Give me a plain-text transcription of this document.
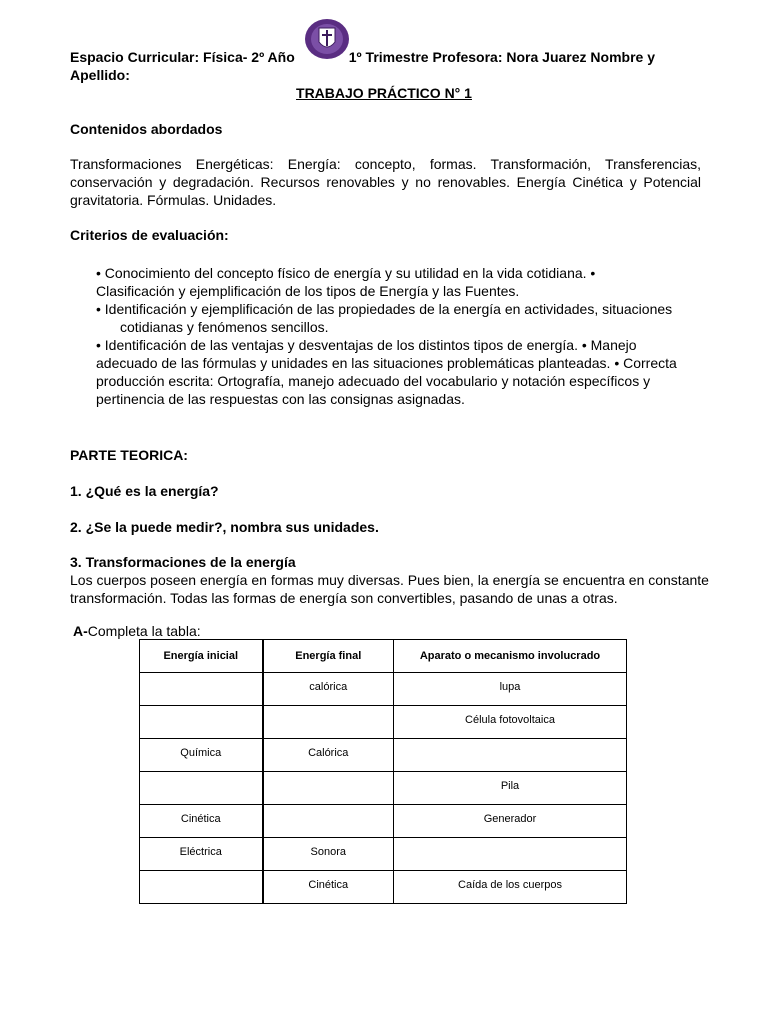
Espacio Curricular: Física- 2º Año	1º Trimestre Profesora: Nora Juarez Nombre y
Apellido:
TRABAJO PRÁCTICO N° 1
Contenidos abordados
Transformaciones Energéticas: Energía: concepto, formas. Transformación, Transferencias, conservación y degradación. Recursos renovables y no renovables. Energía Cinética y Potencial gravitatoria. Fórmulas. Unidades.
Criterios de evaluación:

• Conocimiento del concepto físico de energía y su utilidad en la vida cotidiana. •

Clasificación y ejemplificación de los tipos de Energía y las Fuentes.

• Identificación y ejemplificación de las propiedades de la energía en actividades, situaciones

cotidianas y fenómenos sencillos.

• Identificación de las ventajas y desventajas de los distintos tipos de energía. • Manejo

adecuado de las fórmulas y unidades en las situaciones problemáticas planteadas. • Correcta

producción escrita: Ortografía, manejo adecuado del vocabulario y notación específicos y

pertinencia de las respuestas con las consignas asignadas.

PARTE TEORICA:
1. ¿Qué es la energía?
2. ¿Se la puede medir?, nombra sus unidades.
3. Transformaciones de la energía
Los cuerpos poseen energía en formas muy diversas. Pues bien, la energía se encuentra en constante transformación. Todas las formas de energía son convertibles, pasando de unas a otras.
A-Completa la tabla:
Energía inicial	Energía final	Aparato o mecanismo involucrado
	calórica	lupa
		Célula fotovoltaica
Química	Calórica	
		Pila
Cinética		Generador
Eléctrica	Sonora	
	Cinética	Caída de los cuerpos
